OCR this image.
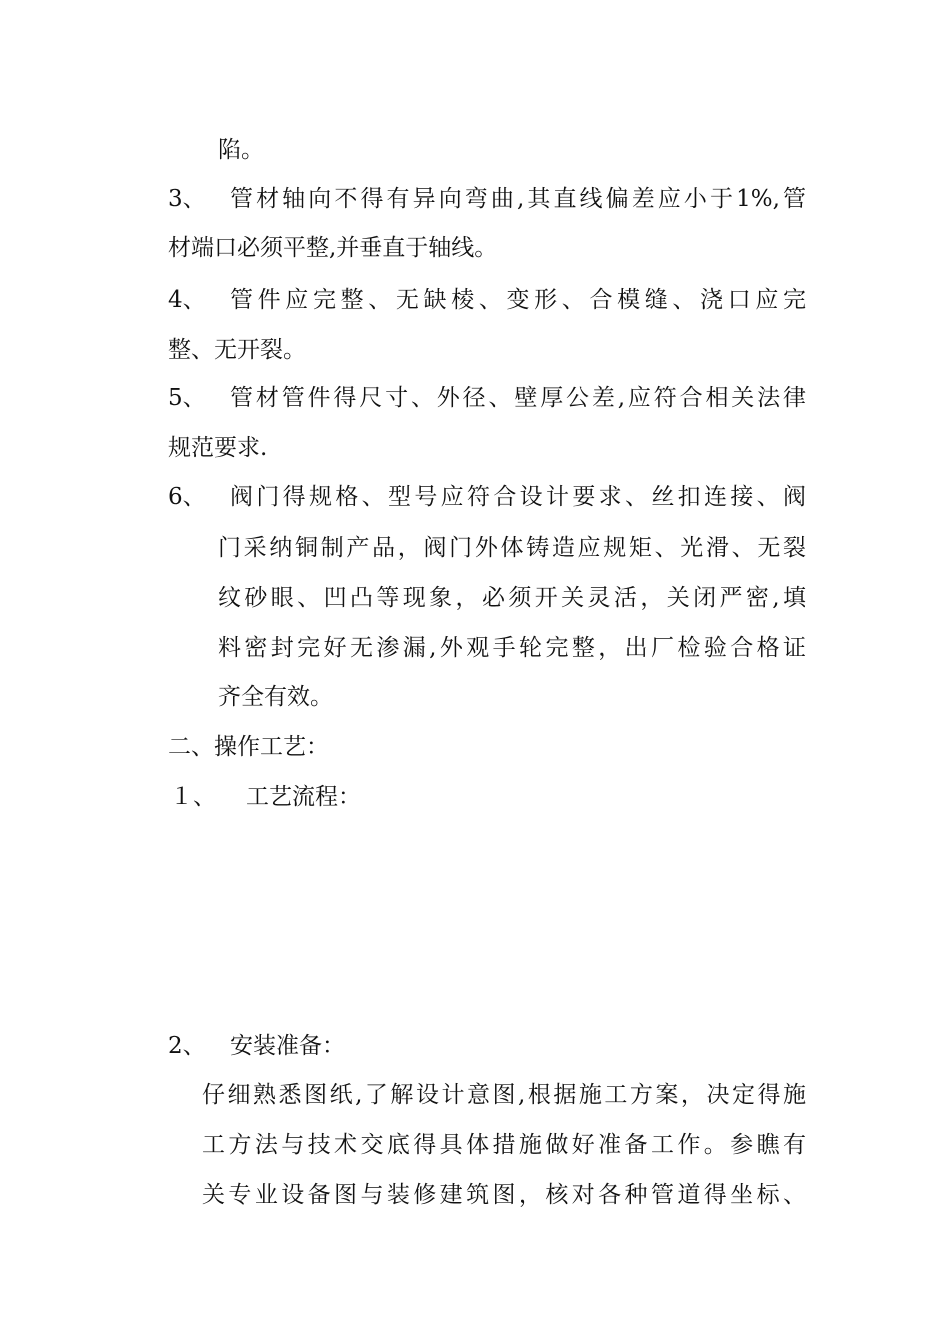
陷。
3、 管材轴向不得有异向弯曲,其直线偏差应小于1%,管
材端口必须平整,并垂直于轴线。
4、 管件应完整、无缺棱、变形、合模缝、浇口应完
整、无开裂。
5、 管材管件得尺寸、外径、壁厚公差,应符合相关法律
规范要求.
6、 阀门得规格、型号应符合设计要求、丝扣连接、阀
门采纳铜制产品，阀门外体铸造应规矩、光滑、无裂
纹砂眼、凹凸等现象，必须开关灵活，关闭严密,填
料密封完好无渗漏,外观手轮完整，出厂检验合格证
齐全有效。
二、操作工艺：
１、 工艺流程：
2、 安装准备：
仔细熟悉图纸,了解设计意图,根据施工方案，决定得施
工方法与技术交底得具体措施做好准备工作。参瞧有
关专业设备图与装修建筑图，核对各种管道得坐标、
